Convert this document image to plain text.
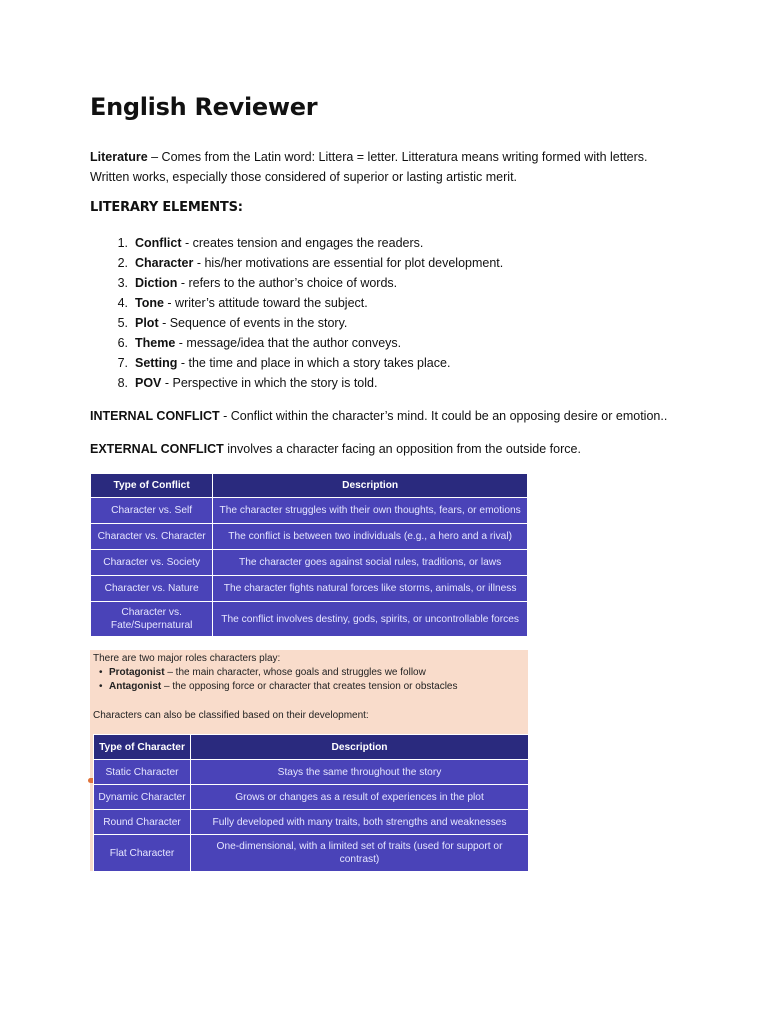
English Reviewer
Literature – Comes from the Latin word: Littera = letter. Litteratura means writing formed with letters. Written works, especially those considered of superior or lasting artistic merit.
LITERARY ELEMENTS:
1. Conflict - creates tension and engages the readers.
2. Character - his/her motivations are essential for plot development.
3. Diction - refers to the author’s choice of words.
4. Tone - writer’s attitude toward the subject.
5. Plot - Sequence of events in the story.
6. Theme - message/idea that the author conveys.
7. Setting - the time and place in which a story takes place.
8. POV - Perspective in which the story is told.
INTERNAL CONFLICT - Conflict within the character’s mind. It could be an opposing desire or emotion..
EXTERNAL CONFLICT involves a character facing an opposition from the outside force.
Type of Conflict	Description
Character vs. Self	The character struggles with their own thoughts, fears, or emotions
Character vs. Character	The conflict is between two individuals (e.g., a hero and a rival)
Character vs. Society	The character goes against social rules, traditions, or laws
Character vs. Nature	The character fights natural forces like storms, animals, or illness
Character vs. Fate/Supernatural	The conflict involves destiny, gods, spirits, or uncontrollable forces
There are two major roles characters play:
• Protagonist – the main character, whose goals and struggles we follow
• Antagonist – the opposing force or character that creates tension or obstacles
Characters can also be classified based on their development:
Type of Character	Description
Static Character	Stays the same throughout the story
Dynamic Character	Grows or changes as a result of experiences in the plot
Round Character	Fully developed with many traits, both strengths and weaknesses
Flat Character	One-dimensional, with a limited set of traits (used for support or contrast)
